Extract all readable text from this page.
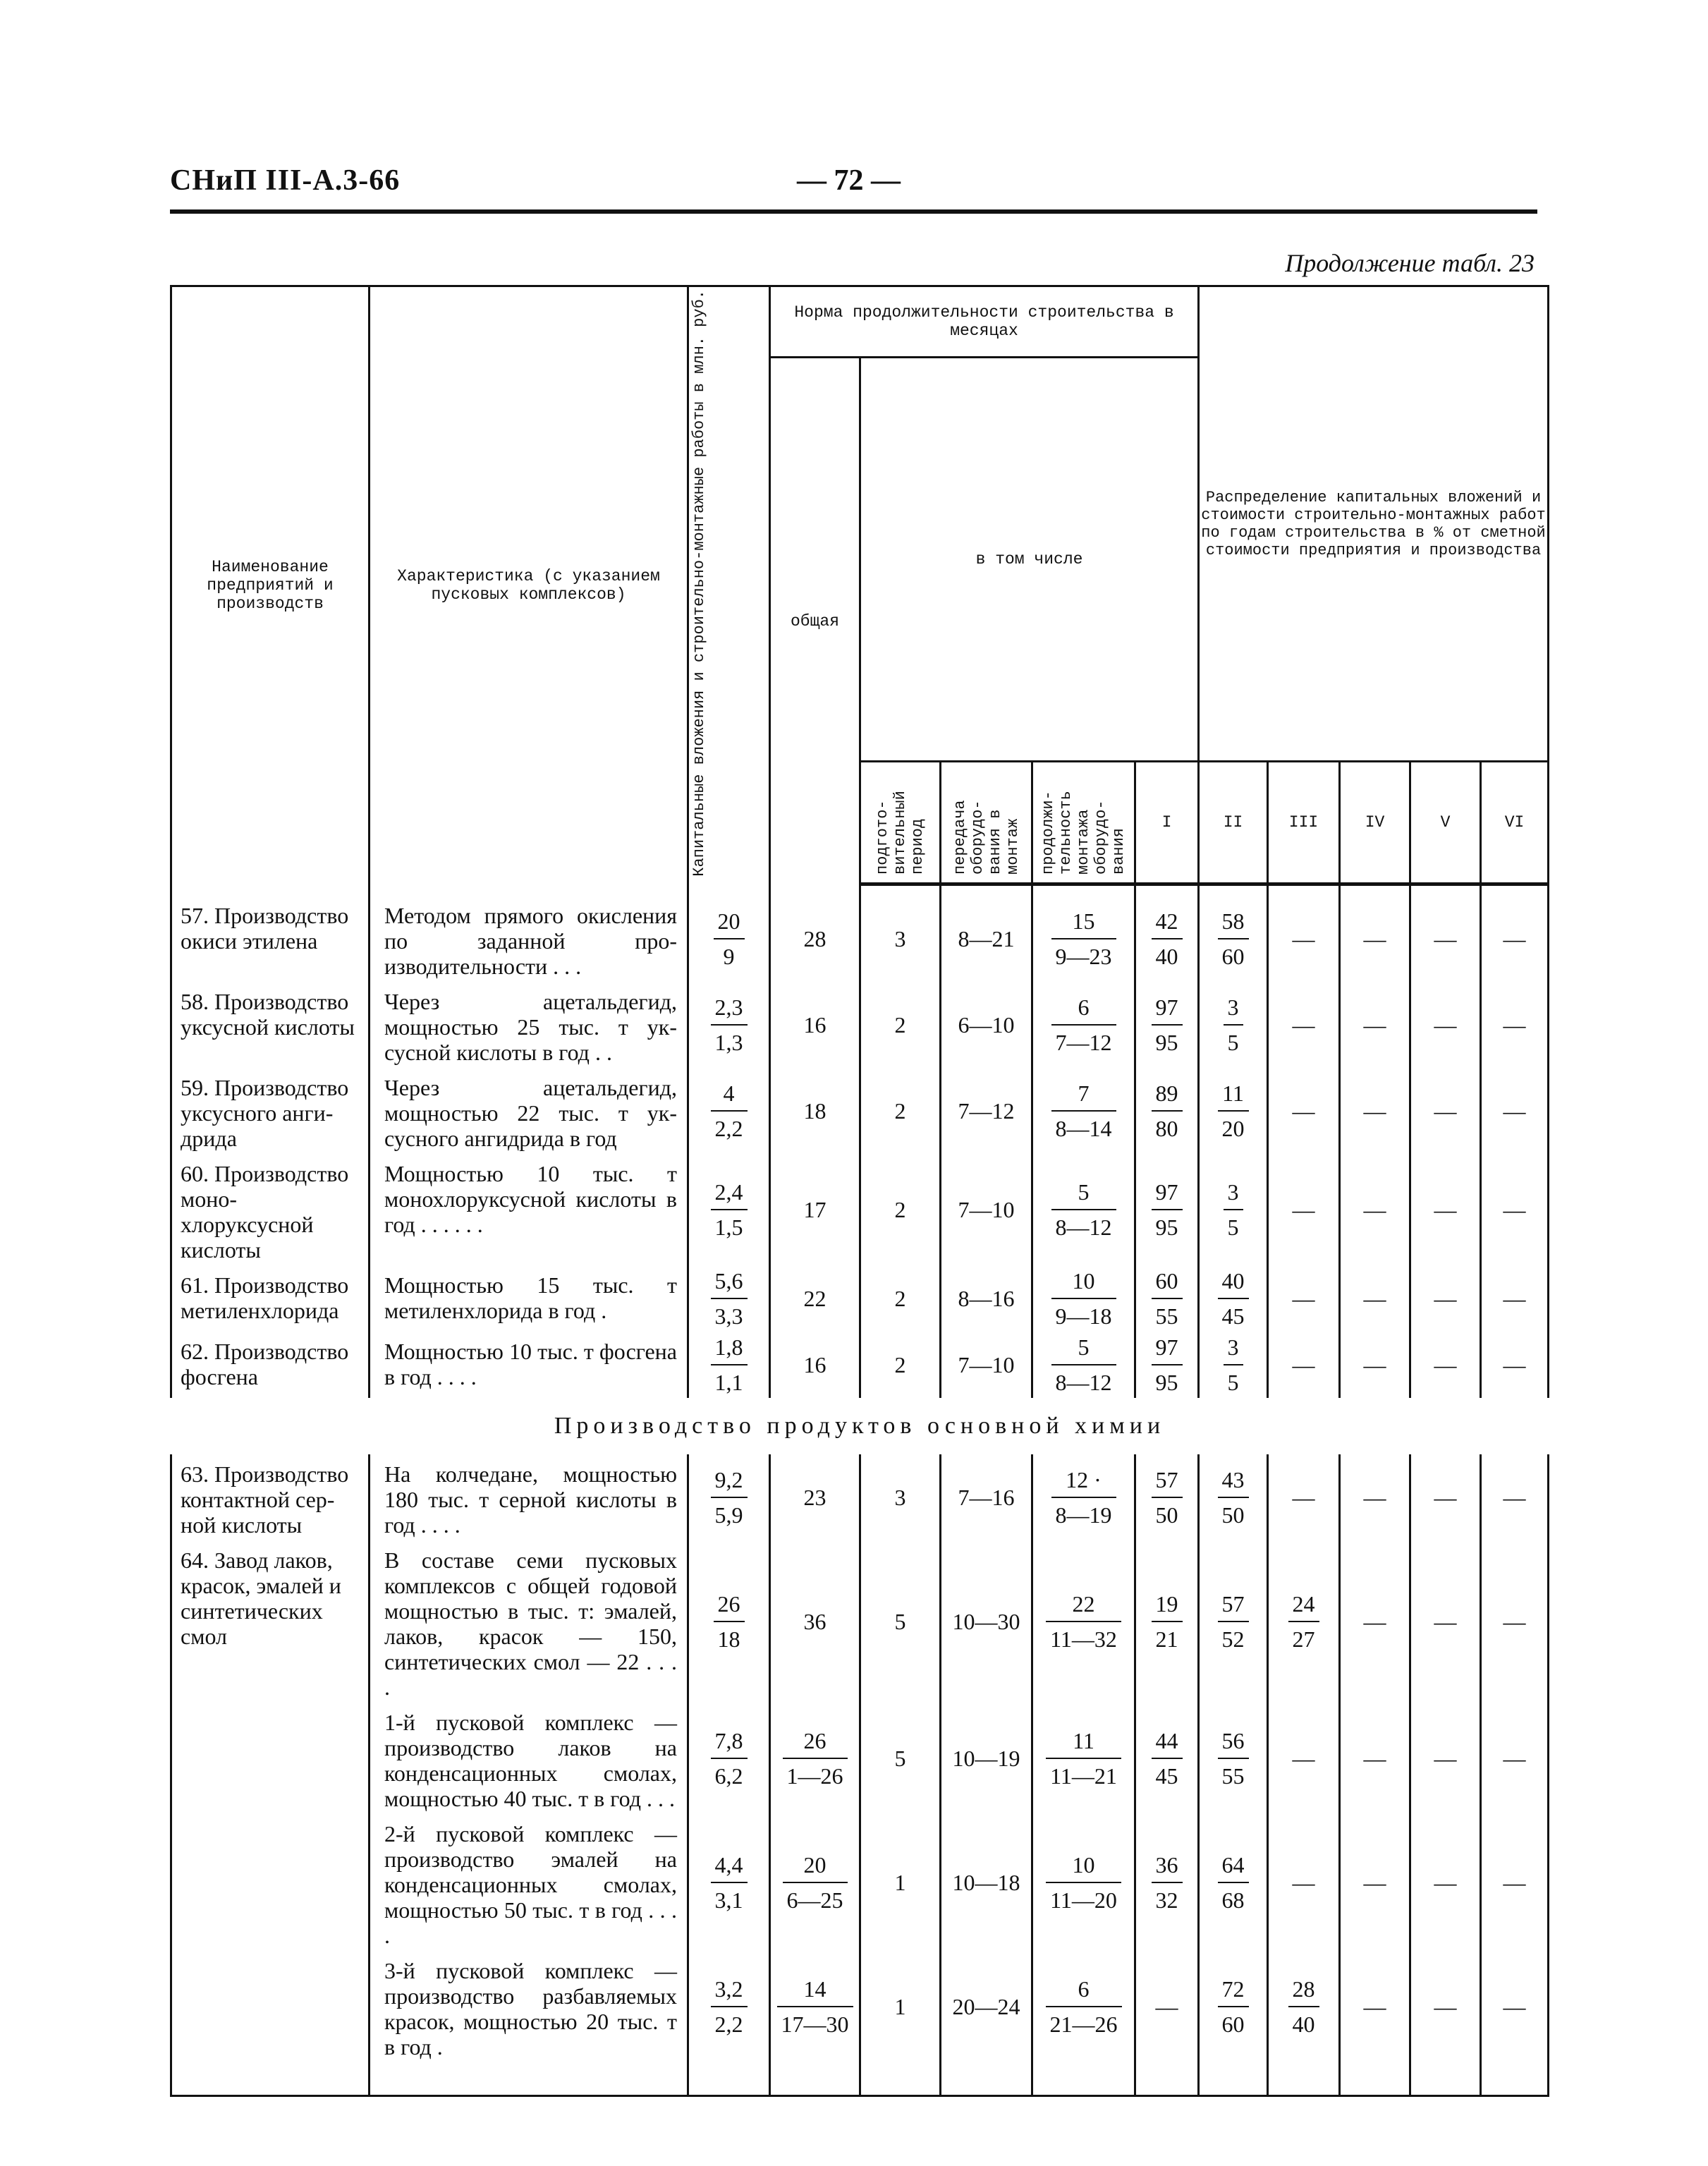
СНиП III-А.3-66	— 72 —
Продолжение табл. 23
Наименование предприятий и производств	Характеристика (с указанием пусковых комплексов)	Капитальные вложения и строительно-монтажные работы в млн. руб.	Норма продолжительности строительства в месяцах					Распределение капитальных вложений и стоимости строительно-монтажных работ по годам строительства в % от сметной стоимости предприятия и производства				
			общая	в том числе								
				подготовительный период	передача оборудования в монтаж	продолжительность монтажа оборудования	I	II	III	IV	V	VI

57. Производство окиси этилена	Методом прямого окисления по заданной производительности . . .	$\frac{20}{9}$	28	3	8—21	$\frac{15}{9—23}$	$\frac{42}{40}$	$\frac{58}{60}$	—	—	—	—
58. Производство уксусной кислоты	Через ацетальдегид, мощностью 25 тыс. т уксусной кислоты в год . .	$\frac{2,3}{1,3}$	16	2	6—10	$\frac{6}{7—12}$	$\frac{97}{95}$	$\frac{3}{5}$	—	—	—	—
59. Производство уксусного ангидрида	Через ацетальдегид, мощностью 22 тыс. т уксусного ангидрида в год	$\frac{4}{2,2}$	18	2	7—12	$\frac{7}{8—14}$	$\frac{89}{80}$	$\frac{11}{20}$	—	—	—	—
60. Производство монохлоруксусной кислоты	Мощностью 10 тыс. т монохлоруксусной кислоты в год . . . . . .	$\frac{2,4}{1,5}$	17	2	7—10	$\frac{5}{8—12}$	$\frac{97}{95}$	$\frac{3}{5}$	—	—	—	—
61. Производство метиленхлорида	Мощностью 15 тыс. т метиленхлорида в год .	$\frac{5,6}{3,3}$	22	2	8—16	$\frac{10}{9—18}$	$\frac{60}{55}$	$\frac{40}{45}$	—	—	—	—
62. Производство фосгена	Мощностью 10 тыс. т фосгена в год . . . .	$\frac{1,8}{1,1}$	16	2	7—10	$\frac{5}{8—12}$	$\frac{97}{95}$	$\frac{3}{5}$	—	—	—	—
Производство продуктов основной химии												
63. Производство контактной серной кислоты	На колчедане, мощностью 180 тыс. т серной кислоты в год . . . .	$\frac{9,2}{5,9}$	23	3	7—16	$\frac{12 \cdot}{8—19}$	$\frac{57}{50}$	$\frac{43}{50}$	—	—	—	—
64. Завод лаков, красок, эмалей и синтетических смол	В составе семи пусковых комплексов с общей годовой мощностью в тыс. т: эмалей, лаков, красок — 150, синтетических смол — 22 . . . .	$\frac{26}{18}$	36	5	10—30	$\frac{22}{11—32}$	$\frac{19}{21}$	$\frac{57}{52}$	$\frac{24}{27}$	—	—	—
	1-й пусковой комплекс — производство лаков на конденсационных смолах, мощностью 40 тыс. т в год . . .	$\frac{7,8}{6,2}$	$\frac{26}{1—26}$	5	10—19	$\frac{11}{11—21}$	$\frac{44}{45}$	$\frac{56}{55}$	—	—	—	—
	2-й пусковой комплекс — производство эмалей на конденсационных смолах, мощностью 50 тыс. т в год . . . .	$\frac{4,4}{3,1}$	$\frac{20}{6—25}$	1	10—18	$\frac{10}{11—20}$	$\frac{36}{32}$	$\frac{64}{68}$	—	—	—	—
	3-й пусковой комплекс — производство разбавляемых красок, мощностью 20 тыс. т в год .	$\frac{3,2}{2,2}$	$\frac{14}{17—30}$	1	20—24	$\frac{6}{21—26}$	—	$\frac{72}{60}$	$\frac{28}{40}$	—	—	—
